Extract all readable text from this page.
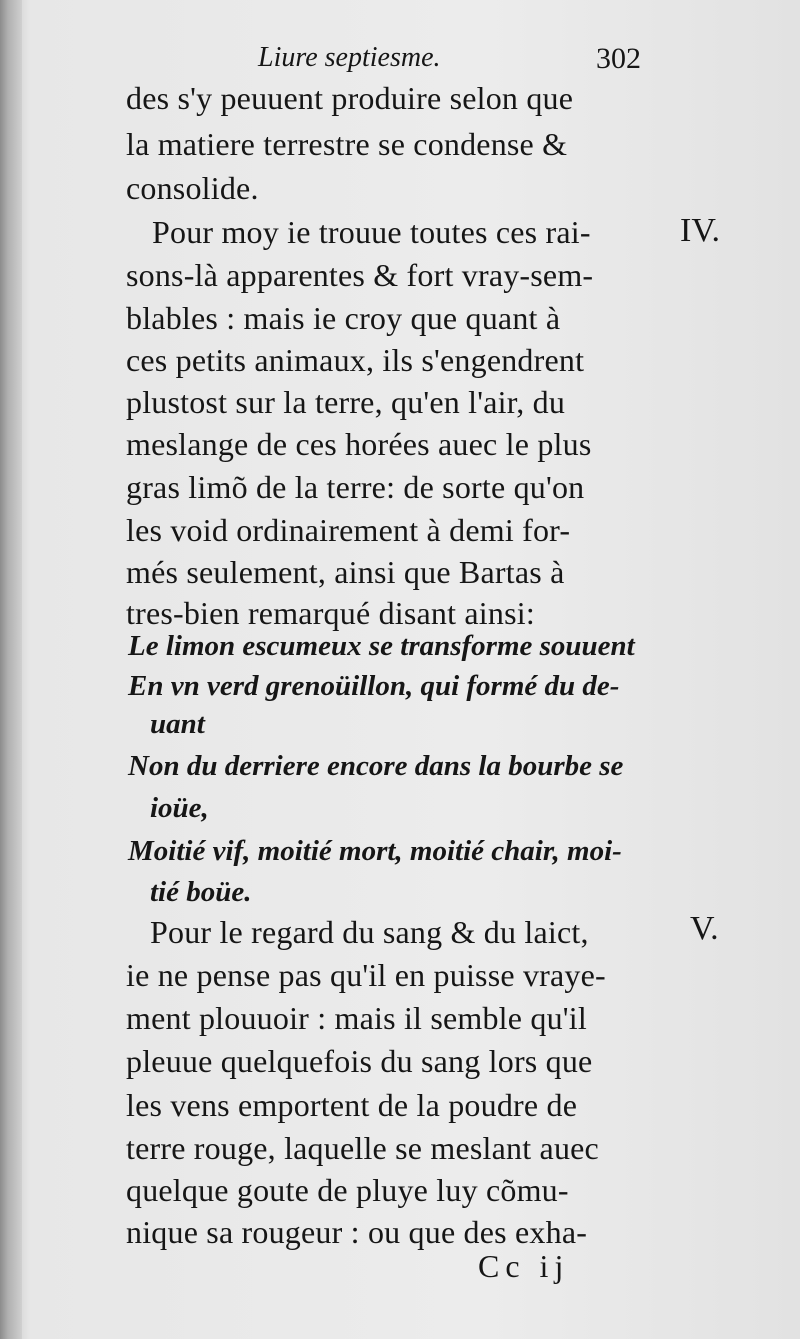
Liure septiesme.	302
des s'y peuuent produire selon que
la matiere terrestre se condense &
consolide.
Pour moy ie trouue toutes ces rai-
sons-là apparentes & fort vray-sem-
blables : mais ie croy que quant à
ces petits animaux, ils s'engendrent
plustost sur la terre, qu'en l'air, du
meslange de ces horées auec le plus
gras limõ de la terre: de sorte qu'on
les void ordinairement à demi for-
més seulement, ainsi que Bartas à
tres-bien remarqué disant ainsi:
IV.
Le limon escumeux se transforme souuent
En vn verd grenoüillon, qui formé du de-
uant
Non du derriere encore dans la bourbe se
ioüe,
Moitié vif, moitié mort, moitié chair, moi-
tié boüe.
Pour le regard du sang & du laict,
ie ne pense pas qu'il en puisse vraye-
ment plouuoir : mais il semble qu'il
pleuue quelquefois du sang lors que
les vens emportent de la poudre de
terre rouge, laquelle se meslant auec
quelque goute de pluye luy cõmu-
nique sa rougeur : ou que des exha-
V.
Cc ij
